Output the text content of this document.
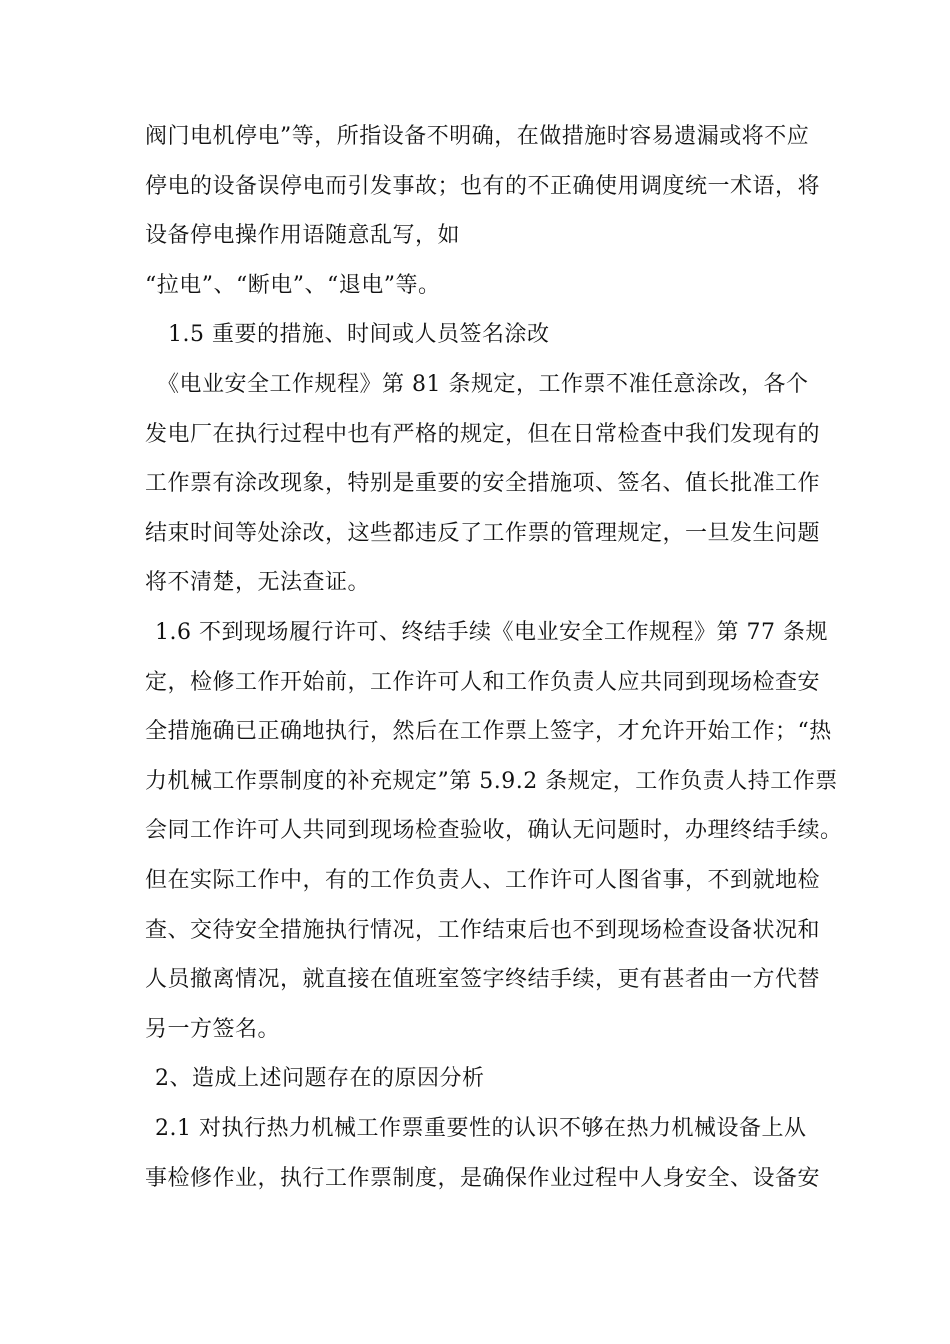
阀门电机停电”等，所指设备不明确，在做措施时容易遗漏或将不应
停电的设备误停电而引发事故；也有的不正确使用调度统一术语，将
设备停电操作用语随意乱写，如
“拉电”、“断电”、“退电”等。
1.5 重要的措施、时间或人员签名涂改
《电业安全工作规程》第 81 条规定，工作票不准任意涂改，各个
发电厂在执行过程中也有严格的规定，但在日常检查中我们发现有的
工作票有涂改现象，特别是重要的安全措施项、签名、值长批准工作
结束时间等处涂改，这些都违反了工作票的管理规定，一旦发生问题
将不清楚，无法查证。
1.6 不到现场履行许可、终结手续《电业安全工作规程》第 77 条规
定，检修工作开始前，工作许可人和工作负责人应共同到现场检查安
全措施确已正确地执行，然后在工作票上签字，才允许开始工作；“热
力机械工作票制度的补充规定”第 5.9.2 条规定，工作负责人持工作票
会同工作许可人共同到现场检查验收，确认无问题时，办理终结手续。
但在实际工作中，有的工作负责人、工作许可人图省事，不到就地检
查、交待安全措施执行情况，工作结束后也不到现场检查设备状况和
人员撤离情况，就直接在值班室签字终结手续，更有甚者由一方代替
另一方签名。
2、造成上述问题存在的原因分析
2.1 对执行热力机械工作票重要性的认识不够在热力机械设备上从
事检修作业，执行工作票制度，是确保作业过程中人身安全、设备安
